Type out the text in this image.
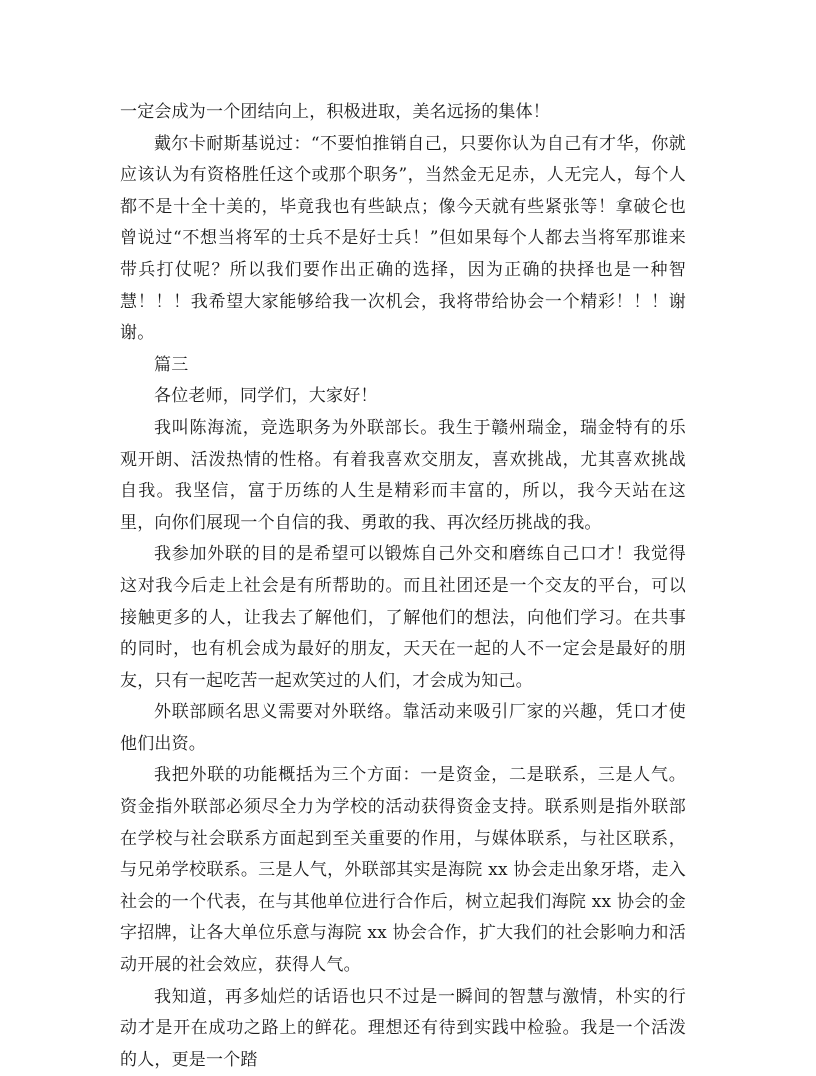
一定会成为一个团结向上，积极进取，美名远扬的集体！

戴尔卡耐斯基说过：“不要怕推销自己，只要你认为自己有才华，你就应该认为有资格胜任这个或那个职务”，当然金无足赤，人无完人，每个人都不是十全十美的，毕竟我也有些缺点；像今天就有些紧张等！拿破仑也曾说过“不想当将军的士兵不是好士兵！”但如果每个人都去当将军那谁来带兵打仗呢？所以我们要作出正确的选择，因为正确的抉择也是一种智慧！！！我希望大家能够给我一次机会，我将带给协会一个精彩！！！谢谢。

篇三

各位老师，同学们，大家好！

我叫陈海流，竞选职务为外联部长。我生于赣州瑞金，瑞金特有的乐观开朗、活泼热情的性格。有着我喜欢交朋友，喜欢挑战，尤其喜欢挑战自我。我坚信，富于历练的人生是精彩而丰富的，所以，我今天站在这里，向你们展现一个自信的我、勇敢的我、再次经历挑战的我。

我参加外联的目的是希望可以锻炼自己外交和磨练自己口才！我觉得这对我今后走上社会是有所帮助的。而且社团还是一个交友的平台，可以接触更多的人，让我去了解他们，了解他们的想法，向他们学习。在共事的同时，也有机会成为最好的朋友，天天在一起的人不一定会是最好的朋友，只有一起吃苦一起欢笑过的人们，才会成为知己。

外联部顾名思义需要对外联络。靠活动来吸引厂家的兴趣，凭口才使他们出资。

我把外联的功能概括为三个方面：一是资金，二是联系，三是人气。资金指外联部必须尽全力为学校的活动获得资金支持。联系则是指外联部在学校与社会联系方面起到至关重要的作用，与媒体联系，与社区联系，与兄弟学校联系。三是人气，外联部其实是海院 xx 协会走出象牙塔，走入社会的一个代表，在与其他单位进行合作后，树立起我们海院 xx 协会的金字招牌，让各大单位乐意与海院 xx 协会合作，扩大我们的社会影响力和活动开展的社会效应，获得人气。

我知道，再多灿烂的话语也只不过是一瞬间的智慧与激情，朴实的行动才是开在成功之路上的鲜花。理想还有待到实践中检验。我是一个活泼的人，更是一个踏
